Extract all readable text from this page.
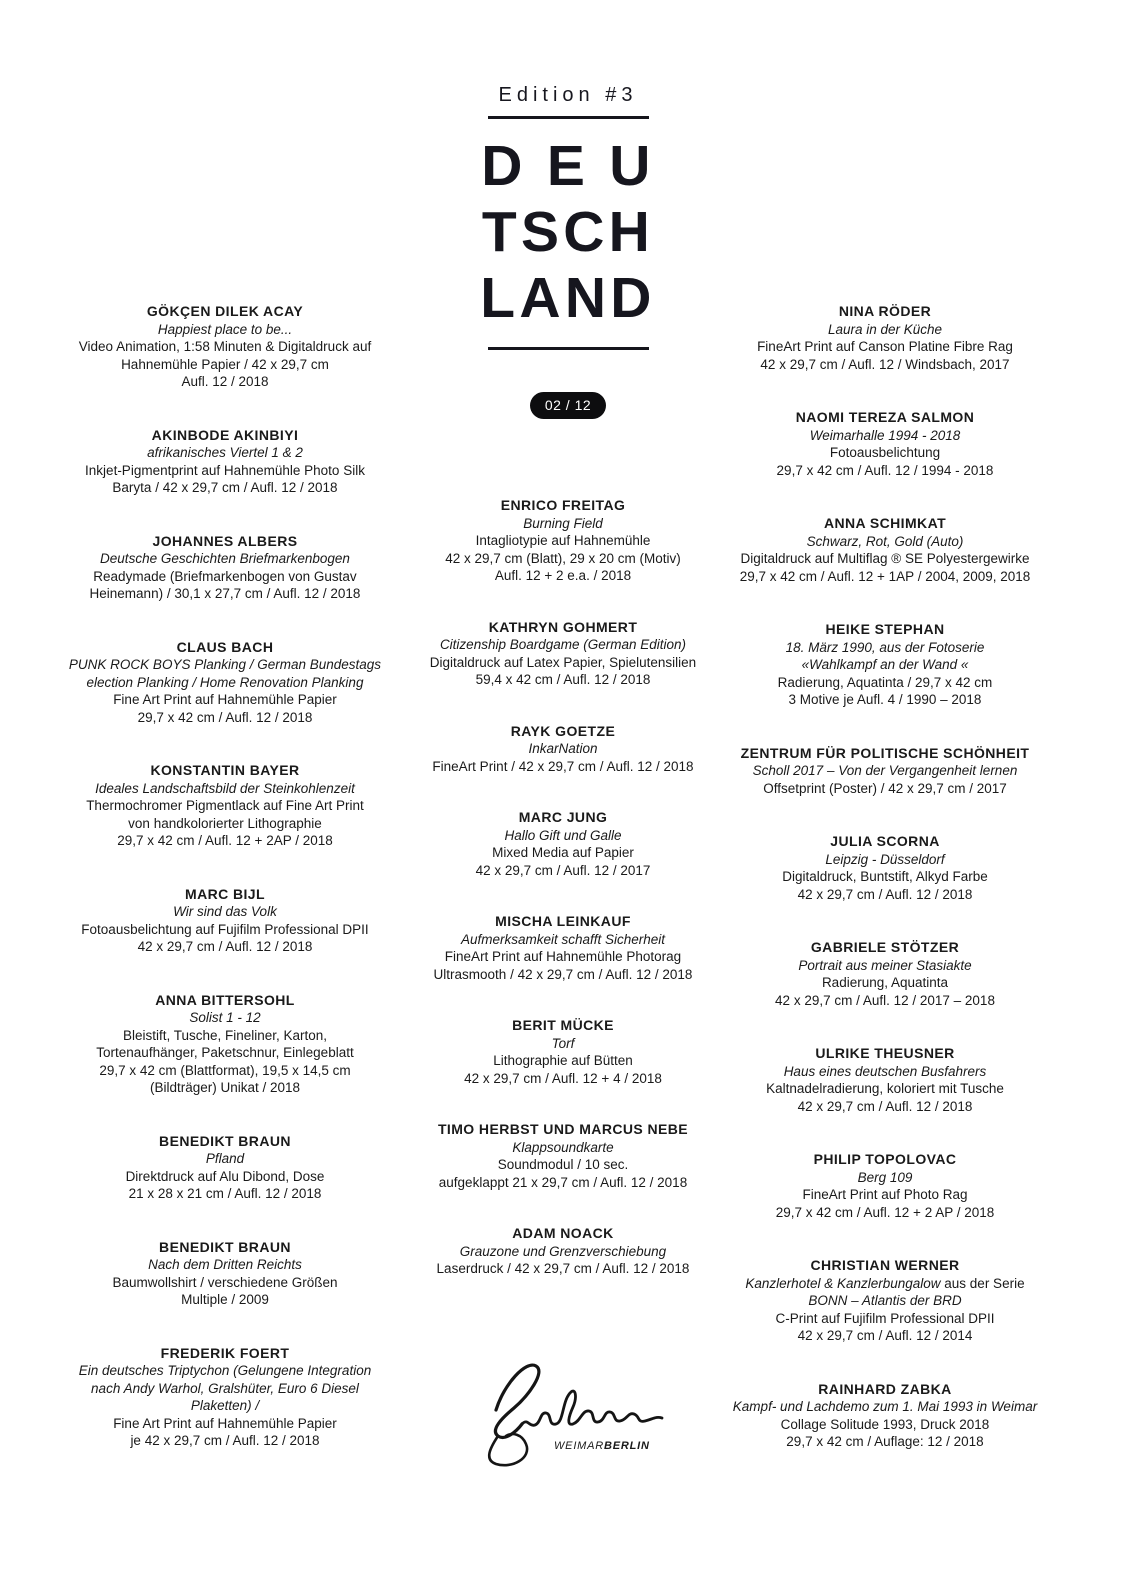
Edition #3
D E U
TSCH
LAND
02 / 12
GÖKÇEN DILEK ACAY

Happiest place to be...

Video Animation, 1:58 Minuten & Digitaldruck auf

Hahnemühle Papier / 42 x 29,7 cm

Aufl. 12 / 2018

AKINBODE AKINBIYI

afrikanisches Viertel 1 & 2

Inkjet-Pigmentprint auf Hahnemühle Photo Silk

Baryta / 42 x 29,7 cm / Aufl. 12 / 2018

JOHANNES ALBERS

Deutsche Geschichten Briefmarkenbogen

Readymade (Briefmarkenbogen von Gustav

Heinemann) / 30,1 x 27,7 cm / Aufl. 12 / 2018

CLAUS BACH

PUNK ROCK BOYS Planking / German Bundestags

election Planking / Home Renovation Planking

Fine Art Print auf Hahnemühle Papier

29,7 x 42 cm / Aufl. 12 / 2018

KONSTANTIN BAYER

Ideales Landschaftsbild der Steinkohlenzeit

Thermochromer Pigmentlack auf Fine Art Print

von handkolorierter Lithographie

29,7 x 42 cm / Aufl. 12 + 2AP / 2018

MARC BIJL

Wir sind das Volk

Fotoausbelichtung auf Fujifilm Professional DPII

42 x 29,7 cm / Aufl. 12 / 2018

ANNA BITTERSOHL

Solist 1 - 12

Bleistift, Tusche, Fineliner, Karton,

Tortenaufhänger, Paketschnur, Einlegeblatt

29,7 x 42 cm (Blattformat), 19,5 x 14,5 cm

(Bildträger) Unikat / 2018

BENEDIKT BRAUN

Pfland

Direktdruck auf Alu Dibond, Dose

21 x 28 x 21 cm / Aufl. 12 / 2018

BENEDIKT BRAUN

Nach dem Dritten Reichts

Baumwollshirt / verschiedene Größen

Multiple / 2009

FREDERIK FOERT

Ein deutsches Triptychon (Gelungene Integration

nach Andy Warhol, Gralshüter, Euro 6 Diesel

Plaketten) /

Fine Art Print auf Hahnemühle Papier

je 42 x 29,7 cm / Aufl. 12 / 2018

ENRICO FREITAG

Burning Field

Intagliotypie auf Hahnemühle

42 x 29,7 cm (Blatt), 29 x 20 cm (Motiv)

Aufl. 12 + 2 e.a. / 2018

KATHRYN GOHMERT

Citizenship Boardgame (German Edition)

Digitaldruck auf Latex Papier, Spielutensilien

59,4 x 42 cm / Aufl. 12 / 2018

RAYK GOETZE

InkarNation

FineArt Print / 42 x 29,7 cm / Aufl. 12 / 2018

MARC JUNG

Hallo Gift und Galle

Mixed Media auf Papier

42 x 29,7 cm / Aufl. 12 / 2017

MISCHA LEINKAUF

Aufmerksamkeit schafft Sicherheit

FineArt Print auf Hahnemühle Photorag

Ultrasmooth / 42 x 29,7 cm / Aufl. 12 / 2018

BERIT MÜCKE

Torf

Lithographie auf Bütten

42 x 29,7 cm / Aufl. 12 + 4 / 2018

TIMO HERBST UND MARCUS NEBE

Klappsoundkarte

Soundmodul / 10 sec.

aufgeklappt 21 x 29,7 cm / Aufl. 12 / 2018

ADAM NOACK

Grauzone und Grenzverschiebung

Laserdruck / 42 x 29,7 cm / Aufl. 12 / 2018

NINA RÖDER

Laura in der Küche

FineArt Print auf Canson Platine Fibre Rag

42 x 29,7 cm / Aufl. 12 / Windsbach, 2017

NAOMI TEREZA SALMON

Weimarhalle 1994 - 2018

Fotoausbelichtung

29,7 x 42 cm / Aufl. 12 / 1994 - 2018

ANNA SCHIMKAT

Schwarz, Rot, Gold (Auto)

Digitaldruck auf Multiflag ® SE Polyestergewirke

29,7 x 42 cm / Aufl. 12 + 1AP / 2004, 2009, 2018

HEIKE STEPHAN

18. März 1990, aus der Fotoserie

«Wahlkampf an der Wand «

Radierung, Aquatinta / 29,7 x 42 cm

3 Motive je Aufl. 4 / 1990 – 2018

ZENTRUM FÜR POLITISCHE SCHÖNHEIT

Scholl 2017 – Von der Vergangenheit lernen

Offsetprint (Poster) / 42 x 29,7 cm / 2017

JULIA SCORNA

Leipzig - Düsseldorf

Digitaldruck, Buntstift, Alkyd Farbe

42 x 29,7 cm / Aufl. 12 / 2018

GABRIELE STÖTZER

Portrait aus meiner Stasiakte

Radierung, Aquatinta

42 x 29,7 cm / Aufl. 12 / 2017 – 2018

ULRIKE THEUSNER

Haus eines deutschen Busfahrers

Kaltnadelradierung, koloriert mit Tusche

42 x 29,7 cm / Aufl. 12 / 2018

PHILIP TOPOLOVAC

Berg 109

FineArt Print auf Photo Rag

29,7 x 42 cm / Aufl. 12 + 2 AP / 2018

CHRISTIAN WERNER

Kanzlerhotel & Kanzlerbungalow aus der Serie

BONN – Atlantis der BRD

C-Print auf Fujifilm Professional DPII

42 x 29,7 cm / Aufl. 12 / 2014

RAINHARD ZABKA

Kampf- und Lachdemo zum 1. Mai 1993 in Weimar

Collage Solitude 1993, Druck 2018

29,7 x 42 cm / Auflage: 12 / 2018

WEIMARBERLIN
